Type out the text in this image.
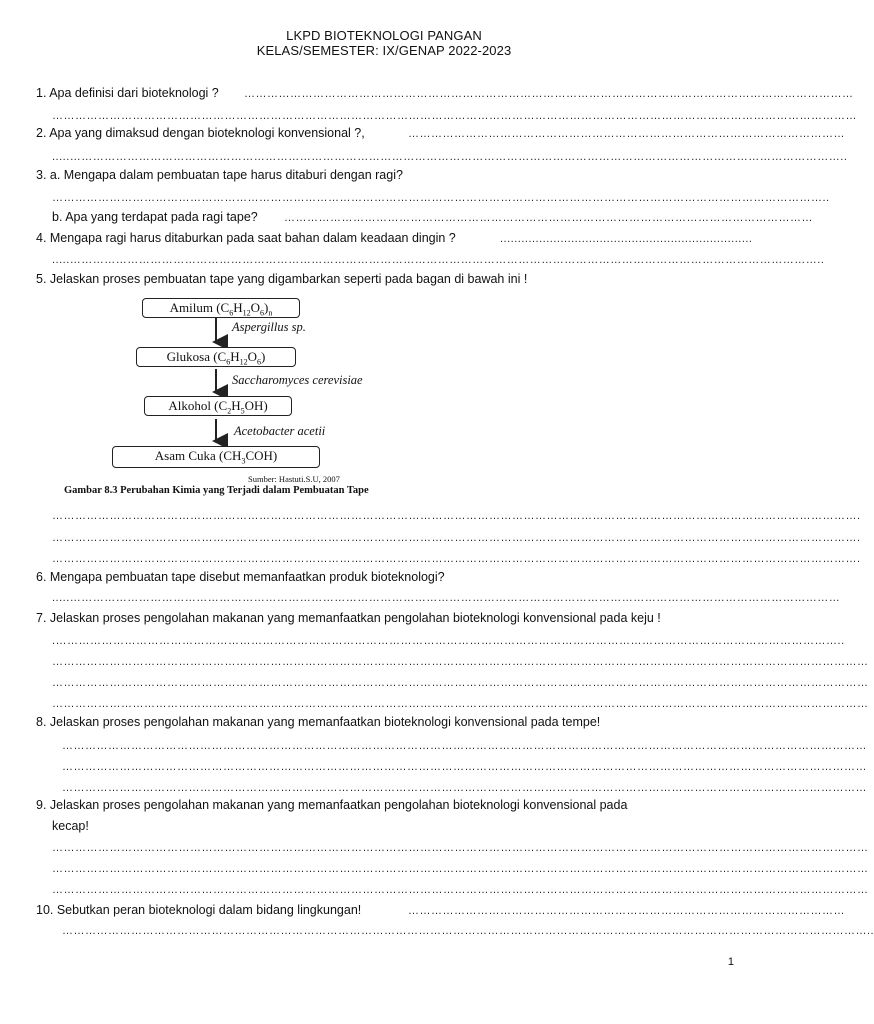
LKPD BIOTEKNOLOGI PANGAN
KELAS/SEMESTER: IX/GENAP 2022-2023
1. Apa definisi dari bioteknologi ? ……………………………………………………………………………………………………………………………………………
…………………………………………………………………………………………………………………………………………………………………………………………
2. Apa yang dimaksud dengan bioteknologi konvensional ?,	……………………………………………………………………………………………………
.....…………………………………………………………………………………………………………………………………………………………………………………..
3. a. Mengapa dalam pembuatan tape harus ditaburi dengan ragi?
…………………………………………………………………………………………………………………………………………………………………………………..
b. Apa yang terdapat pada ragi tape? …………………………………………………………………………………………………………………………
4. Mengapa ragi harus ditaburkan pada saat bahan dalam keadaan dingin ?	.......................................................................
.....……………………………………………………………………………………………………………………………………………………………………………..
5. Jelaskan proses pembuatan tape yang digambarkan seperti pada bagan di bawah ini !
Amilum $(C_6H_{12}O_6)_n$
Aspergillus sp.
Glukosa $(C_6H_{12}O_6)$
Saccharomyces cerevisiae
Alkohol $(C_2H_5OH)$
Acetobacter acetii
Asam Cuka $(CH_3COH)$
Sumber: Hastuti.S.U, 2007
Gambar 8.3 Perubahan Kimia yang Terjadi dalam Pembuatan Tape
………………………………………………………………………………………………………………………………………………………………………………………….
………………………………………………………………………………………………………………………………………………………………………………………….
………………………………………………………………………………………………………………………………………………………………………………………….
6. Mengapa pembuatan tape disebut memanfaatkan produk bioteknologi?
.....…………………………………………………………………………………………………………………………………………………………………………………
7. Jelaskan proses pengolahan makanan yang memanfaatkan pengolahan bioteknologi konvensional pada keju !
.……………………………………………………………………………………………………………………………………………………………………………………..
……………………………………………………………………………………………………………………………………………………………………………………………
……………………………………………………………………………………………………………………………………………………………………………………………
……………………………………………………………………………………………………………………………………………………………………………………………
8. Jelaskan proses pengolahan makanan yang memanfaatkan bioteknologi konvensional pada tempe!
…………………………………………………………………………………………………………………………………………………………………………………………
…………………………………………………………………………………………………………………………………………………………………………………………
…………………………………………………………………………………………………………………………………………………………………………………………
9. Jelaskan proses pengolahan makanan yang memanfaatkan pengolahan bioteknologi konvensional pada
kecap!
……………………………………………………………………………………………………………………………………………………………………………………………
……………………………………………………………………………………………………………………………………………………………………………………………
……………………………………………………………………………………………………………………………………………………………………………………………
10. Sebutkan peran bioteknologi dalam bidang lingkungan!	……………………………………………………………………………………………………
…………………………………………………………………………………………………………………………………………………………………………………………..
1
